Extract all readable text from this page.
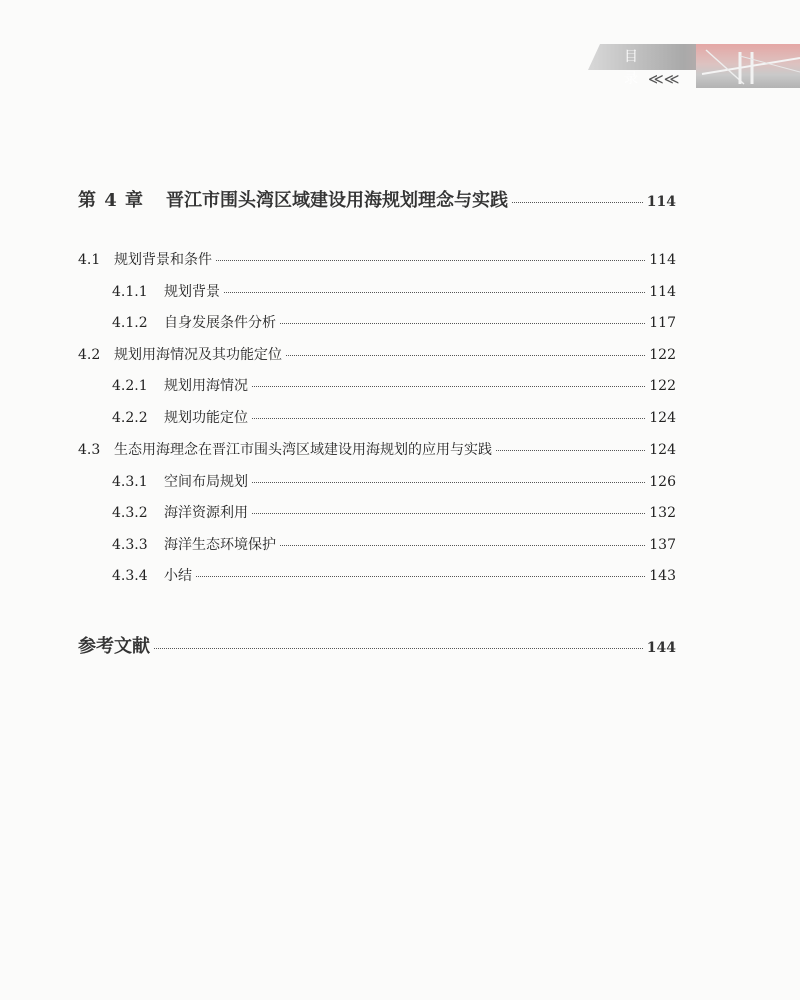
目 录 ≪≪
第 4 章	晋江市围头湾区域建设用海规划理念与实践	114
4.1 规划背景和条件	114
4.1.1	规划背景	114
4.1.2	自身发展条件分析	117
4.2 规划用海情况及其功能定位	122
4.2.1	规划用海情况	122
4.2.2	规划功能定位	124
4.3 生态用海理念在晋江市围头湾区域建设用海规划的应用与实践	124
4.3.1	空间布局规划	126
4.3.2	海洋资源利用	132
4.3.3	海洋生态环境保护	137
4.3.4	小结	143
参考文献	144
